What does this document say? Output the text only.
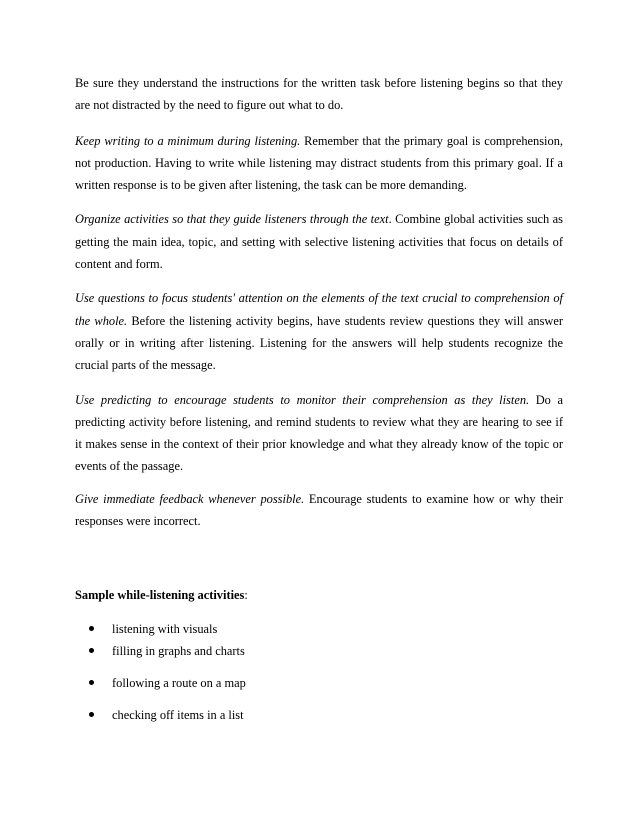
Be sure they understand the instructions for the written task before listening begins so that they are not distracted by the need to figure out what to do.

Keep writing to a minimum during listening. Remember that the primary goal is comprehension, not production. Having to write while listening may distract students from this primary goal. If a written response is to be given after listening, the task can be more demanding.

Organize activities so that they guide listeners through the text. Combine global activities such as getting the main idea, topic, and setting with selective listening activities that focus on details of content and form.

Use questions to focus students' attention on the elements of the text crucial to comprehension of the whole. Before the listening activity begins, have students review questions they will answer orally or in writing after listening. Listening for the answers will help students recognize the crucial parts of the message.

Use predicting to encourage students to monitor their comprehension as they listen. Do a predicting activity before listening, and remind students to review what they are hearing to see if it makes sense in the context of their prior knowledge and what they already know of the topic or events of the passage.

Give immediate feedback whenever possible. Encourage students to examine how or why their responses were incorrect.

Sample while-listening activities:

listening with visuals
filling in graphs and charts
following a route on a map
checking off items in a list
